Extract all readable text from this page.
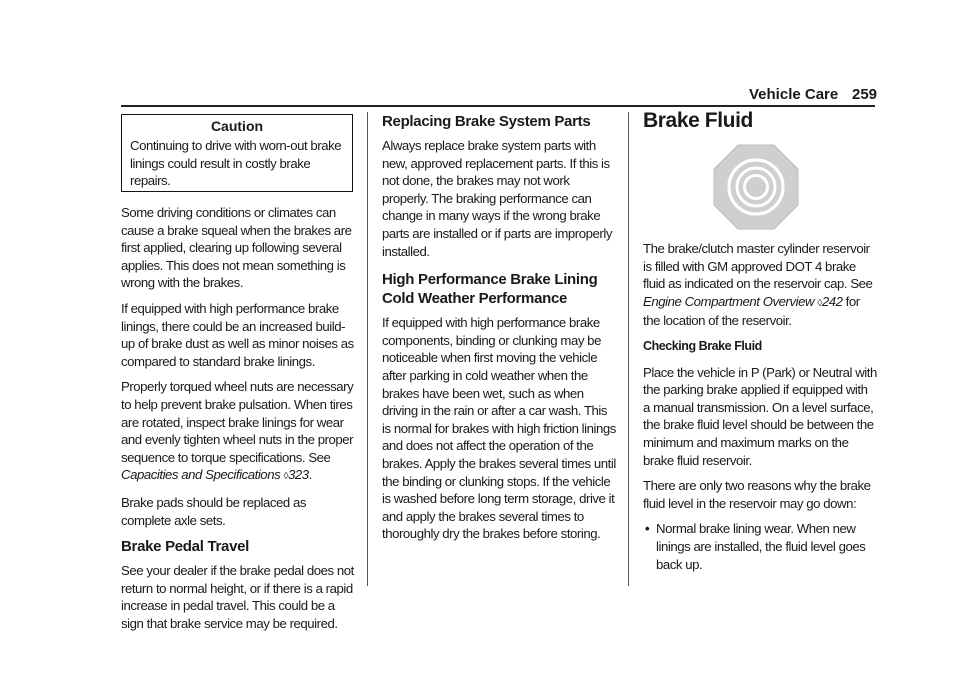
Vehicle Care 259
Caution
Continuing to drive with worn-out brake linings could result in costly brake repairs.

Some driving conditions or climates can cause a brake squeal when the brakes are first applied, clearing up following several applies. This does not mean something is wrong with the brakes.

If equipped with high performance brake linings, there could be an increased build-up of brake dust as well as minor noises as compared to standard brake linings.

Properly torqued wheel nuts are necessary to help prevent brake pulsation. When tires are rotated, inspect brake linings for wear and evenly tighten wheel nuts in the proper sequence to torque specifications. See Capacities and Specifications ◊323.

Brake pads should be replaced as complete axle sets.

Brake Pedal Travel

See your dealer if the brake pedal does not return to normal height, or if there is a rapid increase in pedal travel. This could be a sign that brake service may be required.

Replacing Brake System Parts

Always replace brake system parts with new, approved replacement parts. If this is not done, the brakes may not work properly. The braking performance can change in many ways if the wrong brake parts are installed or if parts are improperly installed.

High Performance Brake Lining Cold Weather Performance

If equipped with high performance brake components, binding or clunking may be noticeable when first moving the vehicle after parking in cold weather when the brakes have been wet, such as when driving in the rain or after a car wash. This is normal for brakes with high friction linings and does not affect the operation of the brakes. Apply the brakes several times until the binding or clunking stops. If the vehicle is washed before long term storage, drive it and apply the brakes several times to thoroughly dry the brakes before storing.

Brake Fluid

The brake/clutch master cylinder reservoir is filled with GM approved DOT 4 brake fluid as indicated on the reservoir cap. See Engine Compartment Overview ◊242 for the location of the reservoir.

Checking Brake Fluid

Place the vehicle in P (Park) or Neutral with the parking brake applied if equipped with a manual transmission. On a level surface, the brake fluid level should be between the minimum and maximum marks on the brake fluid reservoir.

There are only two reasons why the brake fluid level in the reservoir may go down:

• Normal brake lining wear. When new linings are installed, the fluid level goes back up.
